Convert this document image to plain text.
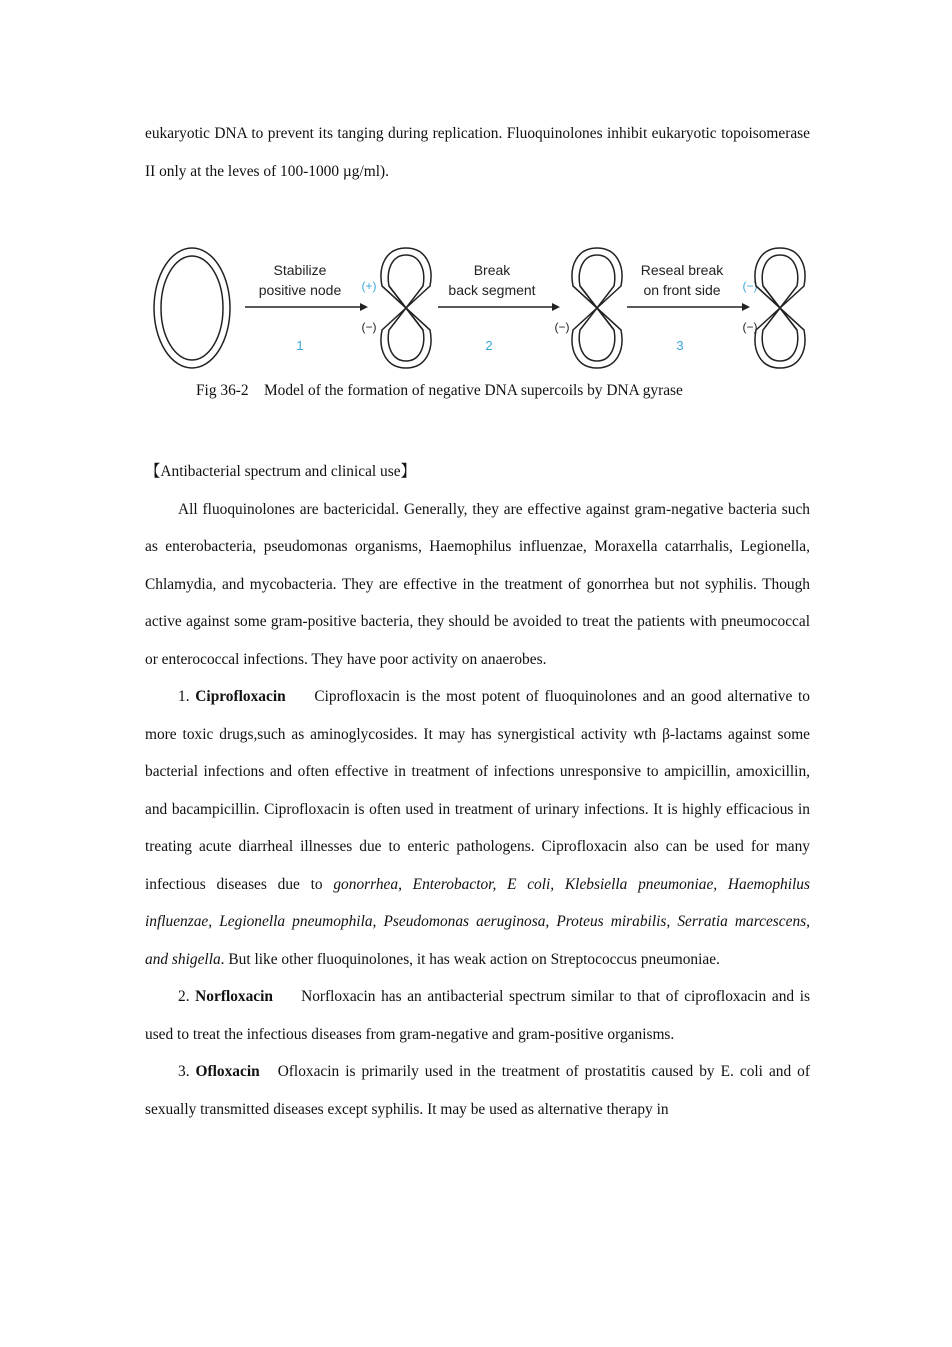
eukaryotic DNA to prevent its tanging during replication. Fluoquinolones inhibit eukaryotic topoisomerase II only at the leves of 100-1000 µg/ml).

Stabilize
positive node
1
(+)
(−)
Break
back segment
2
(−)
Reseal break
on front side
3
(−)
(−)
Fig 36-2    Model of the formation of negative DNA supercoils by DNA gyrase

【Antibacterial spectrum and clinical use】

All fluoquinolones are bactericidal. Generally, they are effective against gram-negative bacteria such as enterobacteria, pseudomonas organisms, Haemophilus influenzae, Moraxella catarrhalis, Legionella, Chlamydia, and mycobacteria. They are effective in the treatment of gonorrhea but not syphilis. Though active against some gram-positive bacteria, they should be avoided to treat the patients with pneumococcal or enterococcal infections. They have poor activity on anaerobes.

1. Ciprofloxacin Ciprofloxacin is the most potent of fluoquinolones and an good alternative to more toxic drugs,such as aminoglycosides. It may has synergistical activity wth β-lactams against some bacterial infections and often effective in treatment of infections unresponsive to ampicillin, amoxicillin, and bacampicillin. Ciprofloxacin is often used in treatment of urinary infections. It is highly efficacious in treating acute diarrheal illnesses due to enteric pathologens. Ciprofloxacin also can be used for many infectious diseases due to gonorrhea, Enterobactor, E coli, Klebsiella pneumoniae, Haemophilus influenzae, Legionella pneumophila, Pseudomonas aeruginosa, Proteus mirabilis, Serratia marcescens, and shigella. But like other fluoquinolones, it has weak action on Streptococcus pneumoniae.

2. Norfloxacin Norfloxacin has an antibacterial spectrum similar to that of ciprofloxacin and is used to treat the infectious diseases from gram-negative and gram-positive organisms.

3. Ofloxacin Ofloxacin is primarily used in the treatment of prostatitis caused by E. coli and of sexually transmitted diseases except syphilis. It may be used as alternative therapy in
